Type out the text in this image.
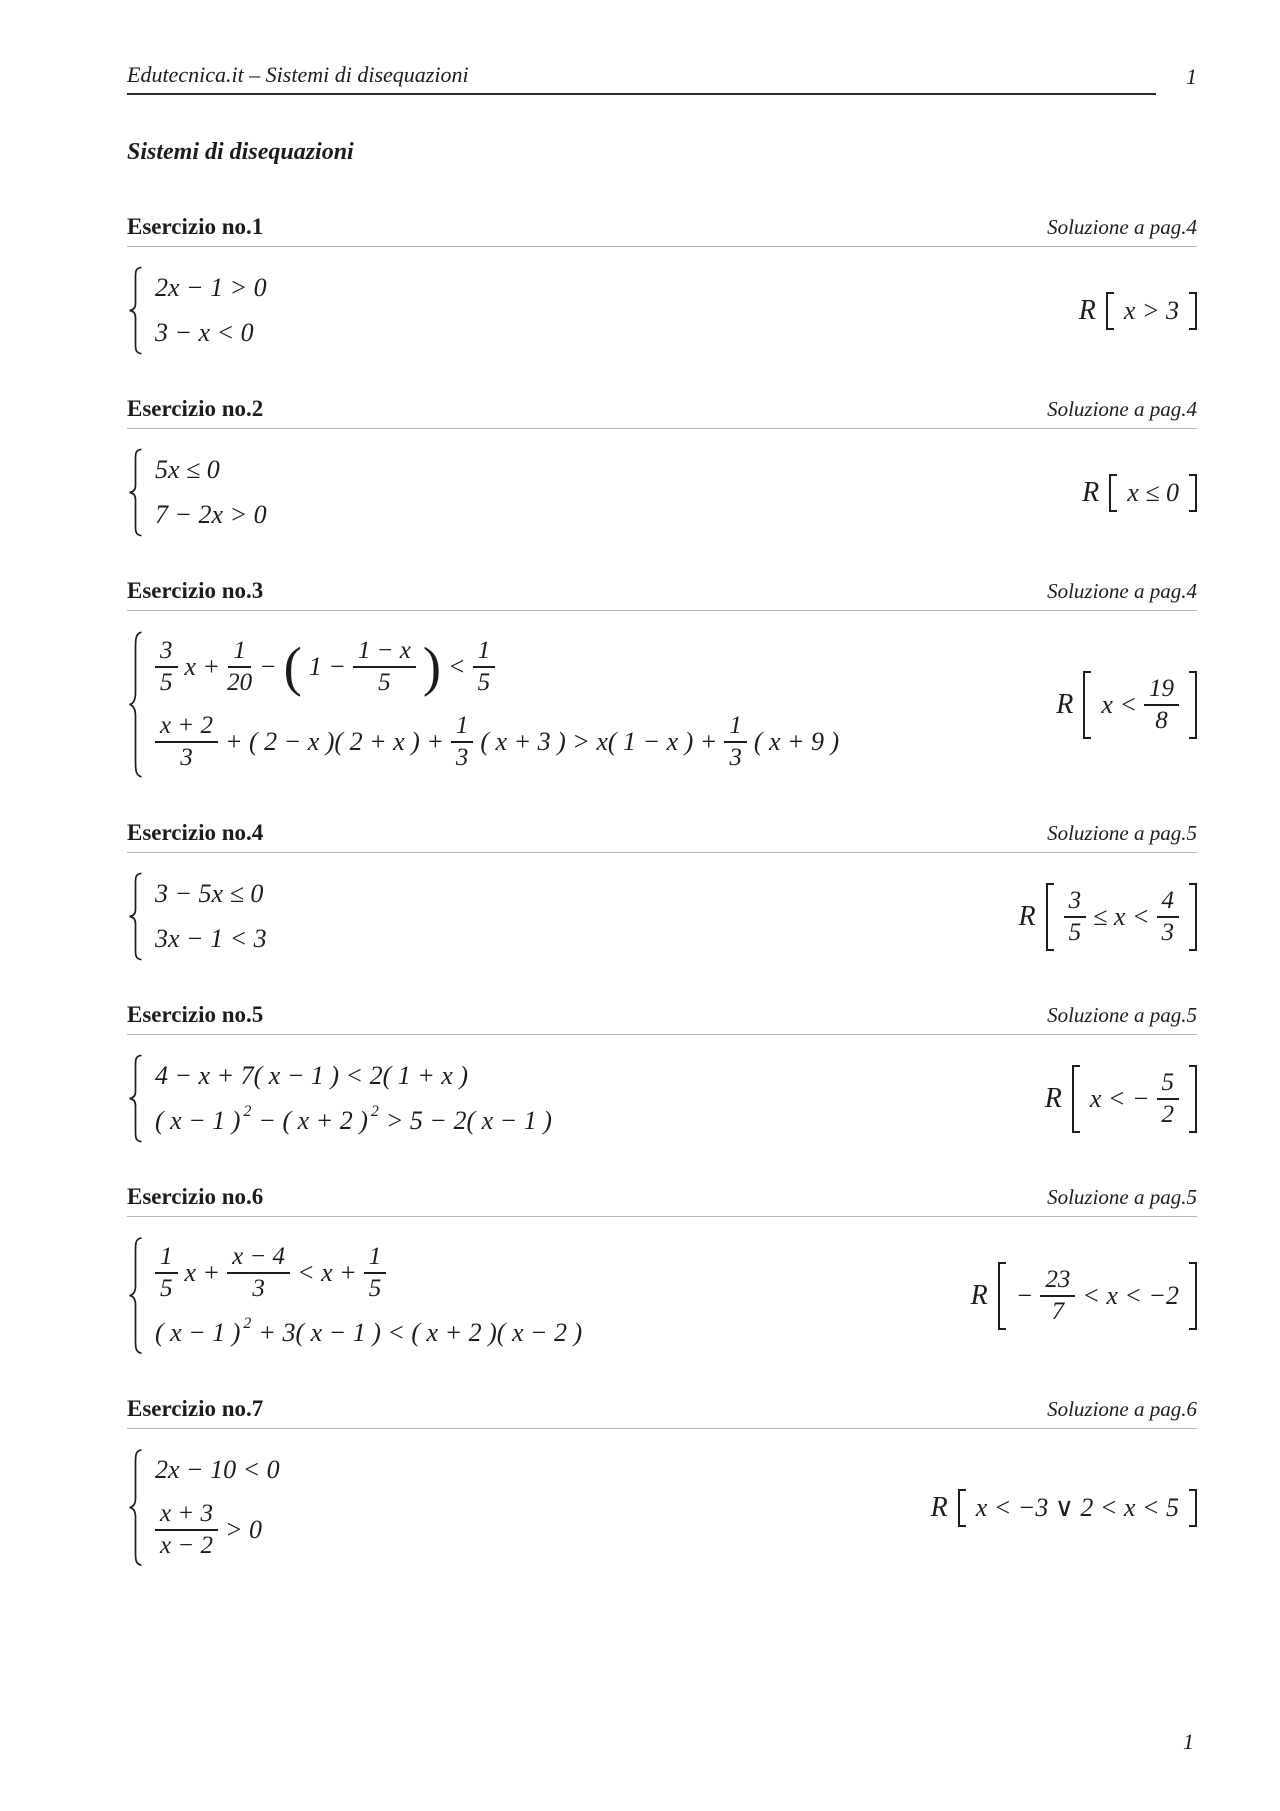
Edutecnica.it – Sistemi di disequazioni	1
Sistemi di disequazioni
Esercizio no.1	Soluzione a pag.4
2x − 1 > 0
3 − x < 0
R x > 3
Esercizio no.2	Soluzione a pag.4
5x ≤ 0
7 − 2x > 0
R x ≤ 0
Esercizio no.3	Soluzione a pag.4
$\frac{3}{5}$ $x + \frac{1}{20}$ − ( $1 - \frac{1 - x}{5}$ ) < $\frac{1}{5}$
$\frac{x + 2}{3}$ + ( 2 − x )( 2 + x ) + $\frac{1}{3}$ ( x + 3 ) > x( 1 − x ) + $\frac{1}{3}$ ( x + 9 )
R $x < \frac{19}{8}$
Esercizio no.4	Soluzione a pag.5
3 − 5x ≤ 0
3x − 1 < 3
R $\frac{3}{5} \le x < \frac{4}{3}$
Esercizio no.5	Soluzione a pag.5
4 − x + 7( x − 1 ) < 2( 1 + x )
( x − 1 ) 2 − ( x + 2 ) 2 > 5 − 2( x − 1 )
R x < − $\frac{5}{2}$
Esercizio no.6	Soluzione a pag.5
$\frac{1}{5}$ $x + \frac{x - 4}{3} < x + \frac{1}{5}$
( x − 1 ) 2 + 3( x − 1 ) < ( x + 2 )( x − 2 )
$R - \frac{23}{7} < x < -2$
Esercizio no.7	Soluzione a pag.6
2x − 10 < 0
$\frac{x + 3}{x - 2} > 0$
R x < −3 ∨ 2 < x < 5
1
